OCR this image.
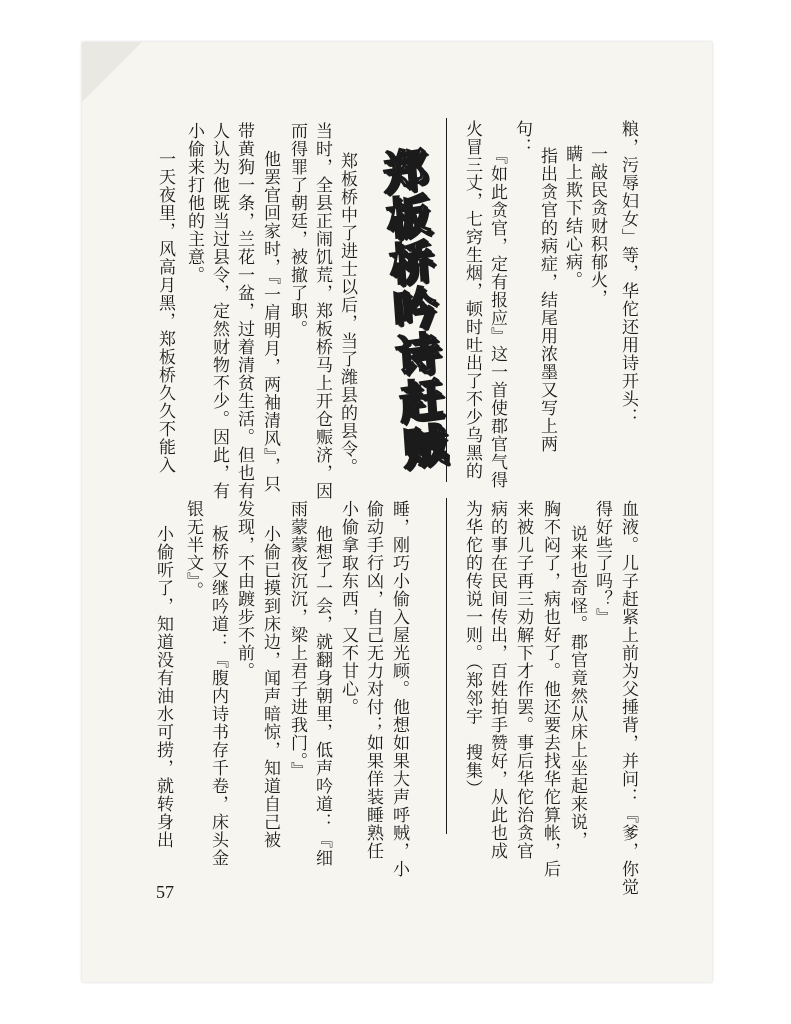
粮，污辱妇女」等，华佗还用诗开头：
一敲民贪财积郁火，
瞒上欺下结心病。
指出贪官的病症，结尾用浓墨又写上两
句：
『如此贪官，定有报应』这一首使郡官气得
火冒三丈，七窍生烟，顿时吐出了不少乌黑的
血液。儿子赶紧上前为父捶背，并问：『爹，你觉
得好些了吗？』
说来也奇怪。郡官竟然从床上坐起来说，
胸不闷了，病也好了。他还要去找华佗算帐，后
来被儿子再三劝解下才作罢。事后华佗治贪官
病的事在民间传出，百姓拍手赞好，从此也成
为华佗的传说一则。（郑邻宇　搜集）
郑板桥吟诗赶贼
郑板桥中了进士以后，当了潍县的县令。
当时，全县正闹饥荒，郑板桥马上开仓赈济，因
而得罪了朝廷，被撤了职。
他罢官回家时，『一肩明月，两袖清风』，只
带黄狗一条，兰花一盆，过着清贫生活。但也有
人认为他既当过县令，定然财物不少。因此，有
小偷来打他的主意。
一天夜里，风高月黑，郑板桥久久不能入
睡，刚巧小偷入屋光顾。他想如果大声呼贼，小
偷动手行凶，自己无力对付；如果佯装睡熟任
小偷拿取东西，又不甘心。
他想了一会，就翻身朝里，低声吟道：『细
雨蒙蒙夜沉沉，梁上君子进我门。』
小偷已摸到床边，闻声暗惊，知道自己被
发现，不由踱步不前。
板桥又继吟道：『腹内诗书存千卷，床头金
银无半文』。
小偷听了，知道没有油水可捞，就转身出
57
